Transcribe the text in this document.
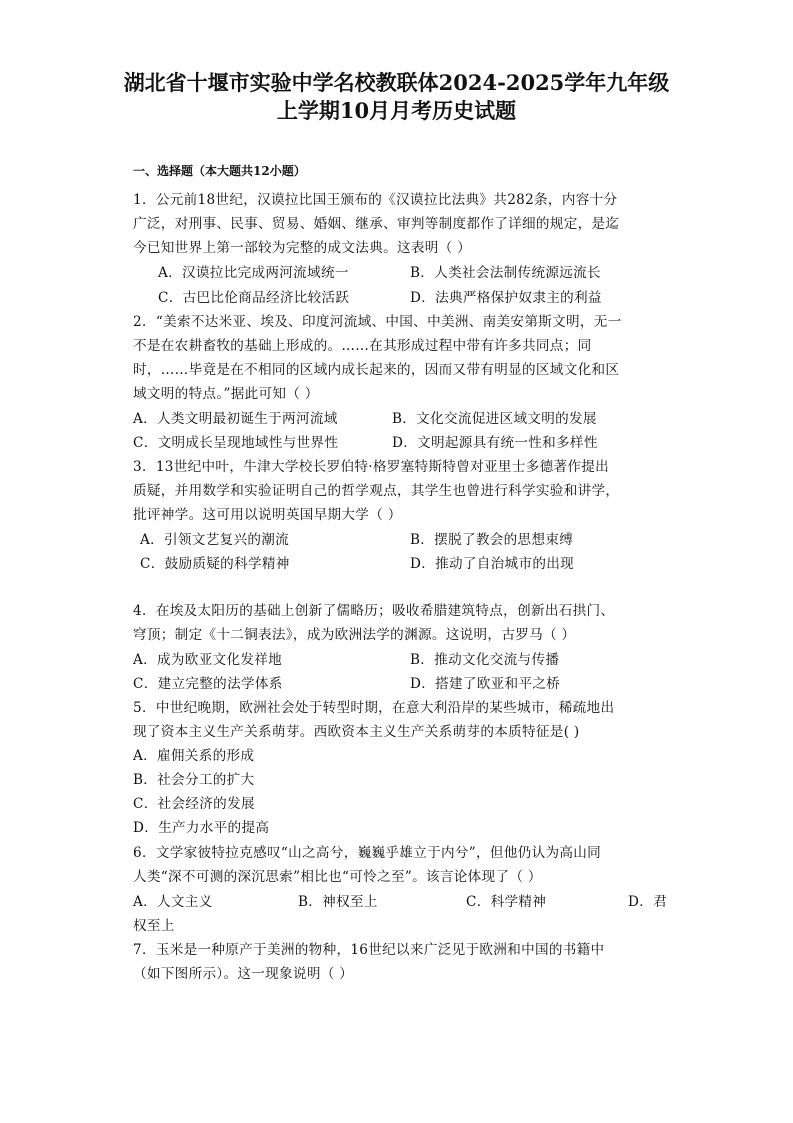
湖北省十堰市实验中学名校教联体2024-2025学年九年级
上学期10月月考历史试题
一、选择题（本大题共12小题）
1．公元前18世纪，汉谟拉比国王颁布的《汉谟拉比法典》共282条，内容十分
广泛，对刑事、民事、贸易、婚姻、继承、审判等制度都作了详细的规定，是迄
今已知世界上第一部较为完整的成文法典。这表明（ ）
A．汉谟拉比完成两河流域统一	B．人类社会法制传统源远流长
C．古巴比伦商品经济比较活跃	D．法典严格保护奴隶主的利益
2．“美索不达米亚、埃及、印度河流域、中国、中美洲、南美安第斯文明，无一
不是在农耕畜牧的基础上形成的。……在其形成过程中带有许多共同点；同
时，……毕竟是在不相同的区域内成长起来的，因而又带有明显的区域文化和区
域文明的特点。”据此可知（ ）
A．人类文明最初诞生于两河流域	B．文化交流促进区域文明的发展
C．文明成长呈现地域性与世界性	D．文明起源具有统一性和多样性
3．13世纪中叶，牛津大学校长罗伯特·格罗塞特斯特曾对亚里士多德著作提出
质疑，并用数学和实验证明自己的哲学观点，其学生也曾进行科学实验和讲学，
批评神学。这可用以说明英国早期大学（ ）
A．引领文艺复兴的潮流	B．摆脱了教会的思想束缚
C．鼓励质疑的科学精神	D．推动了自治城市的出现
4．在埃及太阳历的基础上创新了儒略历；吸收希腊建筑特点，创新出石拱门、
穹顶；制定《十二铜表法》，成为欧洲法学的渊源。这说明，古罗马（ ）
A．成为欧亚文化发祥地	B．推动文化交流与传播
C．建立完整的法学体系	D．搭建了欧亚和平之桥
5．中世纪晚期，欧洲社会处于转型时期，在意大利沿岸的某些城市，稀疏地出
现了资本主义生产关系萌芽。西欧资本主义生产关系萌芽的本质特征是( )
A．雇佣关系的形成
B．社会分工的扩大
C．社会经济的发展
D．生产力水平的提高
6．文学家彼特拉克感叹“山之高兮，巍巍乎雄立于内兮”，但他仍认为高山同
人类“深不可测的深沉思索”相比也“可怜之至”。该言论体现了（ ）
A．人文主义	B．神权至上	C．科学精神	D．君
权至上
7．玉米是一种原产于美洲的物种，16世纪以来广泛见于欧洲和中国的书籍中
（如下图所示）。这一现象说明（ ）
